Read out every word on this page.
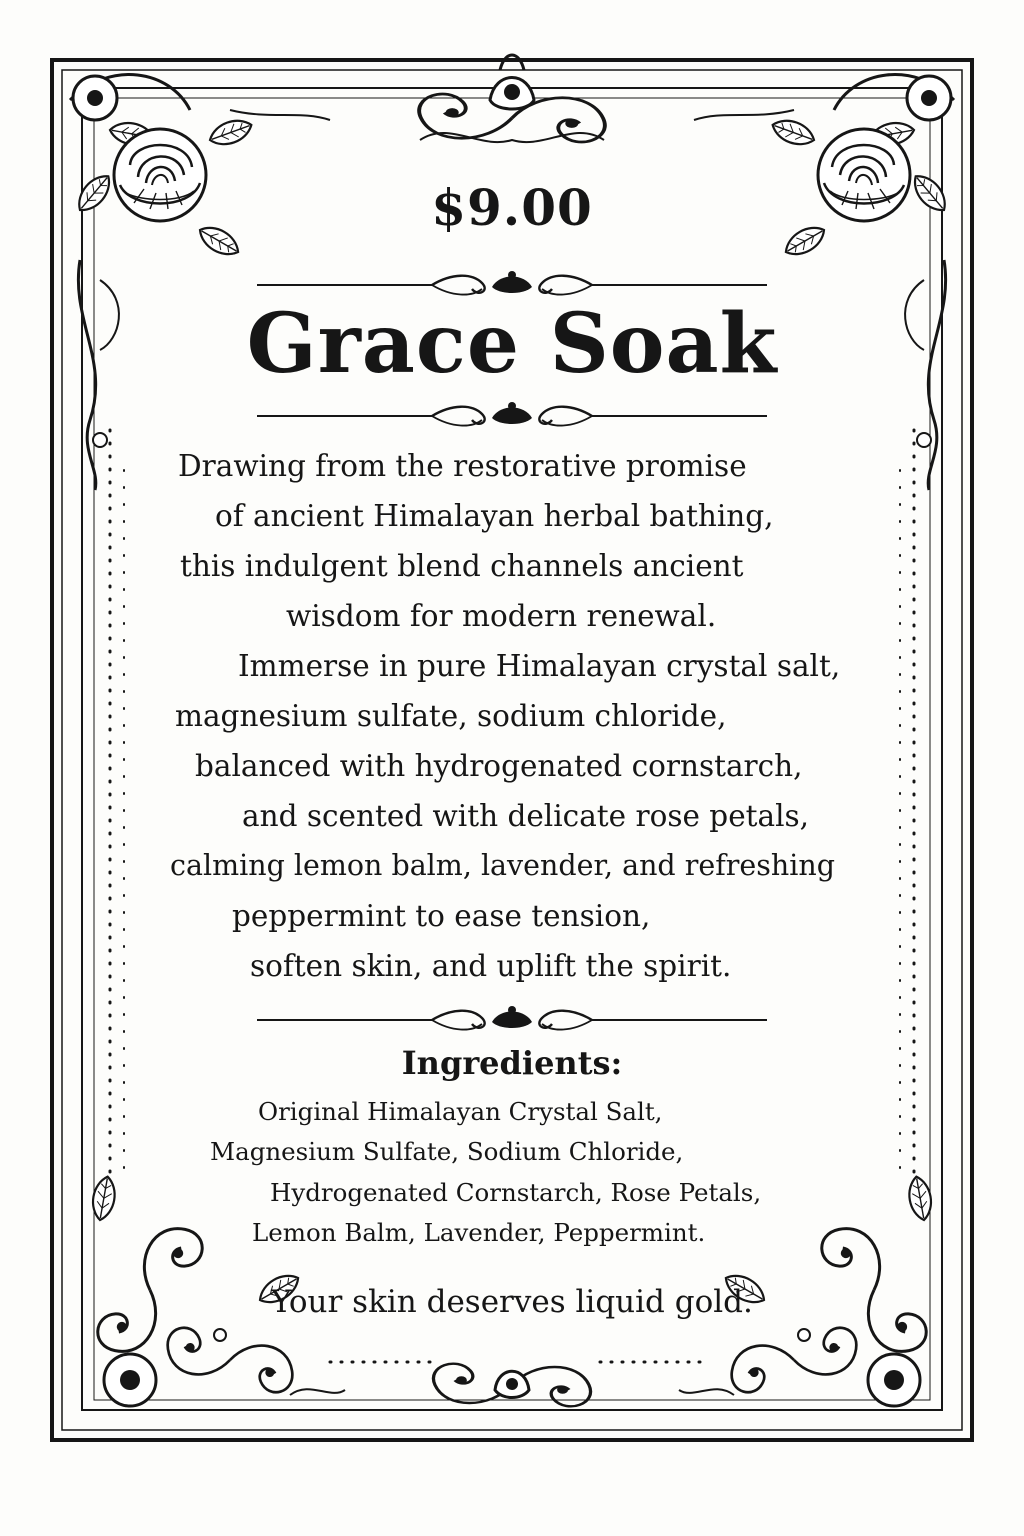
$9.00
Grace Soak
Drawing from the restorative promise
of ancient Himalayan herbal bathing,
this indulgent blend channels ancient
wisdom for modern renewal.
Immerse in pure Himalayan crystal salt,
magnesium sulfate, sodium chloride,
balanced with hydrogenated cornstarch,
and scented with delicate rose petals,
calming lemon balm, lavender, and refreshing
peppermint to ease tension,
soften skin, and uplift the spirit.
Ingredients:
Original Himalayan Crystal Salt,
Magnesium Sulfate, Sodium Chloride,
Hydrogenated Cornstarch, Rose Petals,
Lemon Balm, Lavender, Peppermint.
Your skin deserves liquid gold.
